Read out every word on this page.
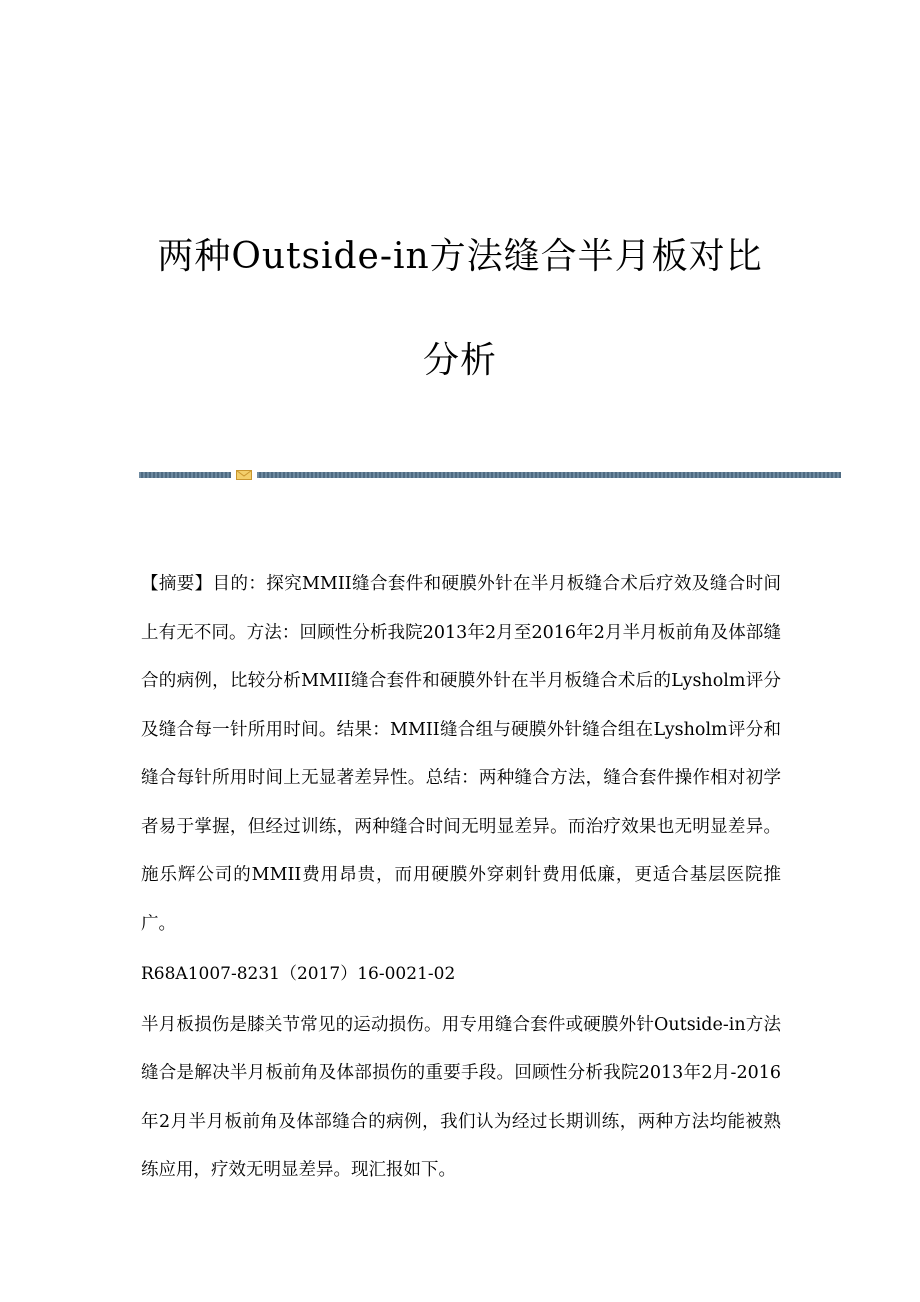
两种Outside-in方法缝合半月板对比
分析

【摘要】目的：探究MMII缝合套件和硬膜外针在半月板缝合术后疗效及缝合时间上有无不同。方法：回顾性分析我院2013年2月至2016年2月半月板前角及体部缝合的病例，比较分析MMII缝合套件和硬膜外针在半月板缝合术后的Lysholm评分及缝合每一针所用时间。结果：MMII缝合组与硬膜外针缝合组在Lysholm评分和缝合每针所用时间上无显著差异性。总结：两种缝合方法，缝合套件操作相对初学者易于掌握，但经过训练，两种缝合时间无明显差异。而治疗效果也无明显差异。施乐辉公司的MMII费用昂贵，而用硬膜外穿刺针费用低廉，更适合基层医院推广。

R68A1007-8231（2017）16-0021-02

半月板损伤是膝关节常见的运动损伤。用专用缝合套件或硬膜外针Outside-in方法缝合是解决半月板前角及体部损伤的重要手段。回顾性分析我院2013年2月-2016年2月半月板前角及体部缝合的病例，我们认为经过长期训练，两种方法均能被熟练应用，疗效无明显差异。现汇报如下。
